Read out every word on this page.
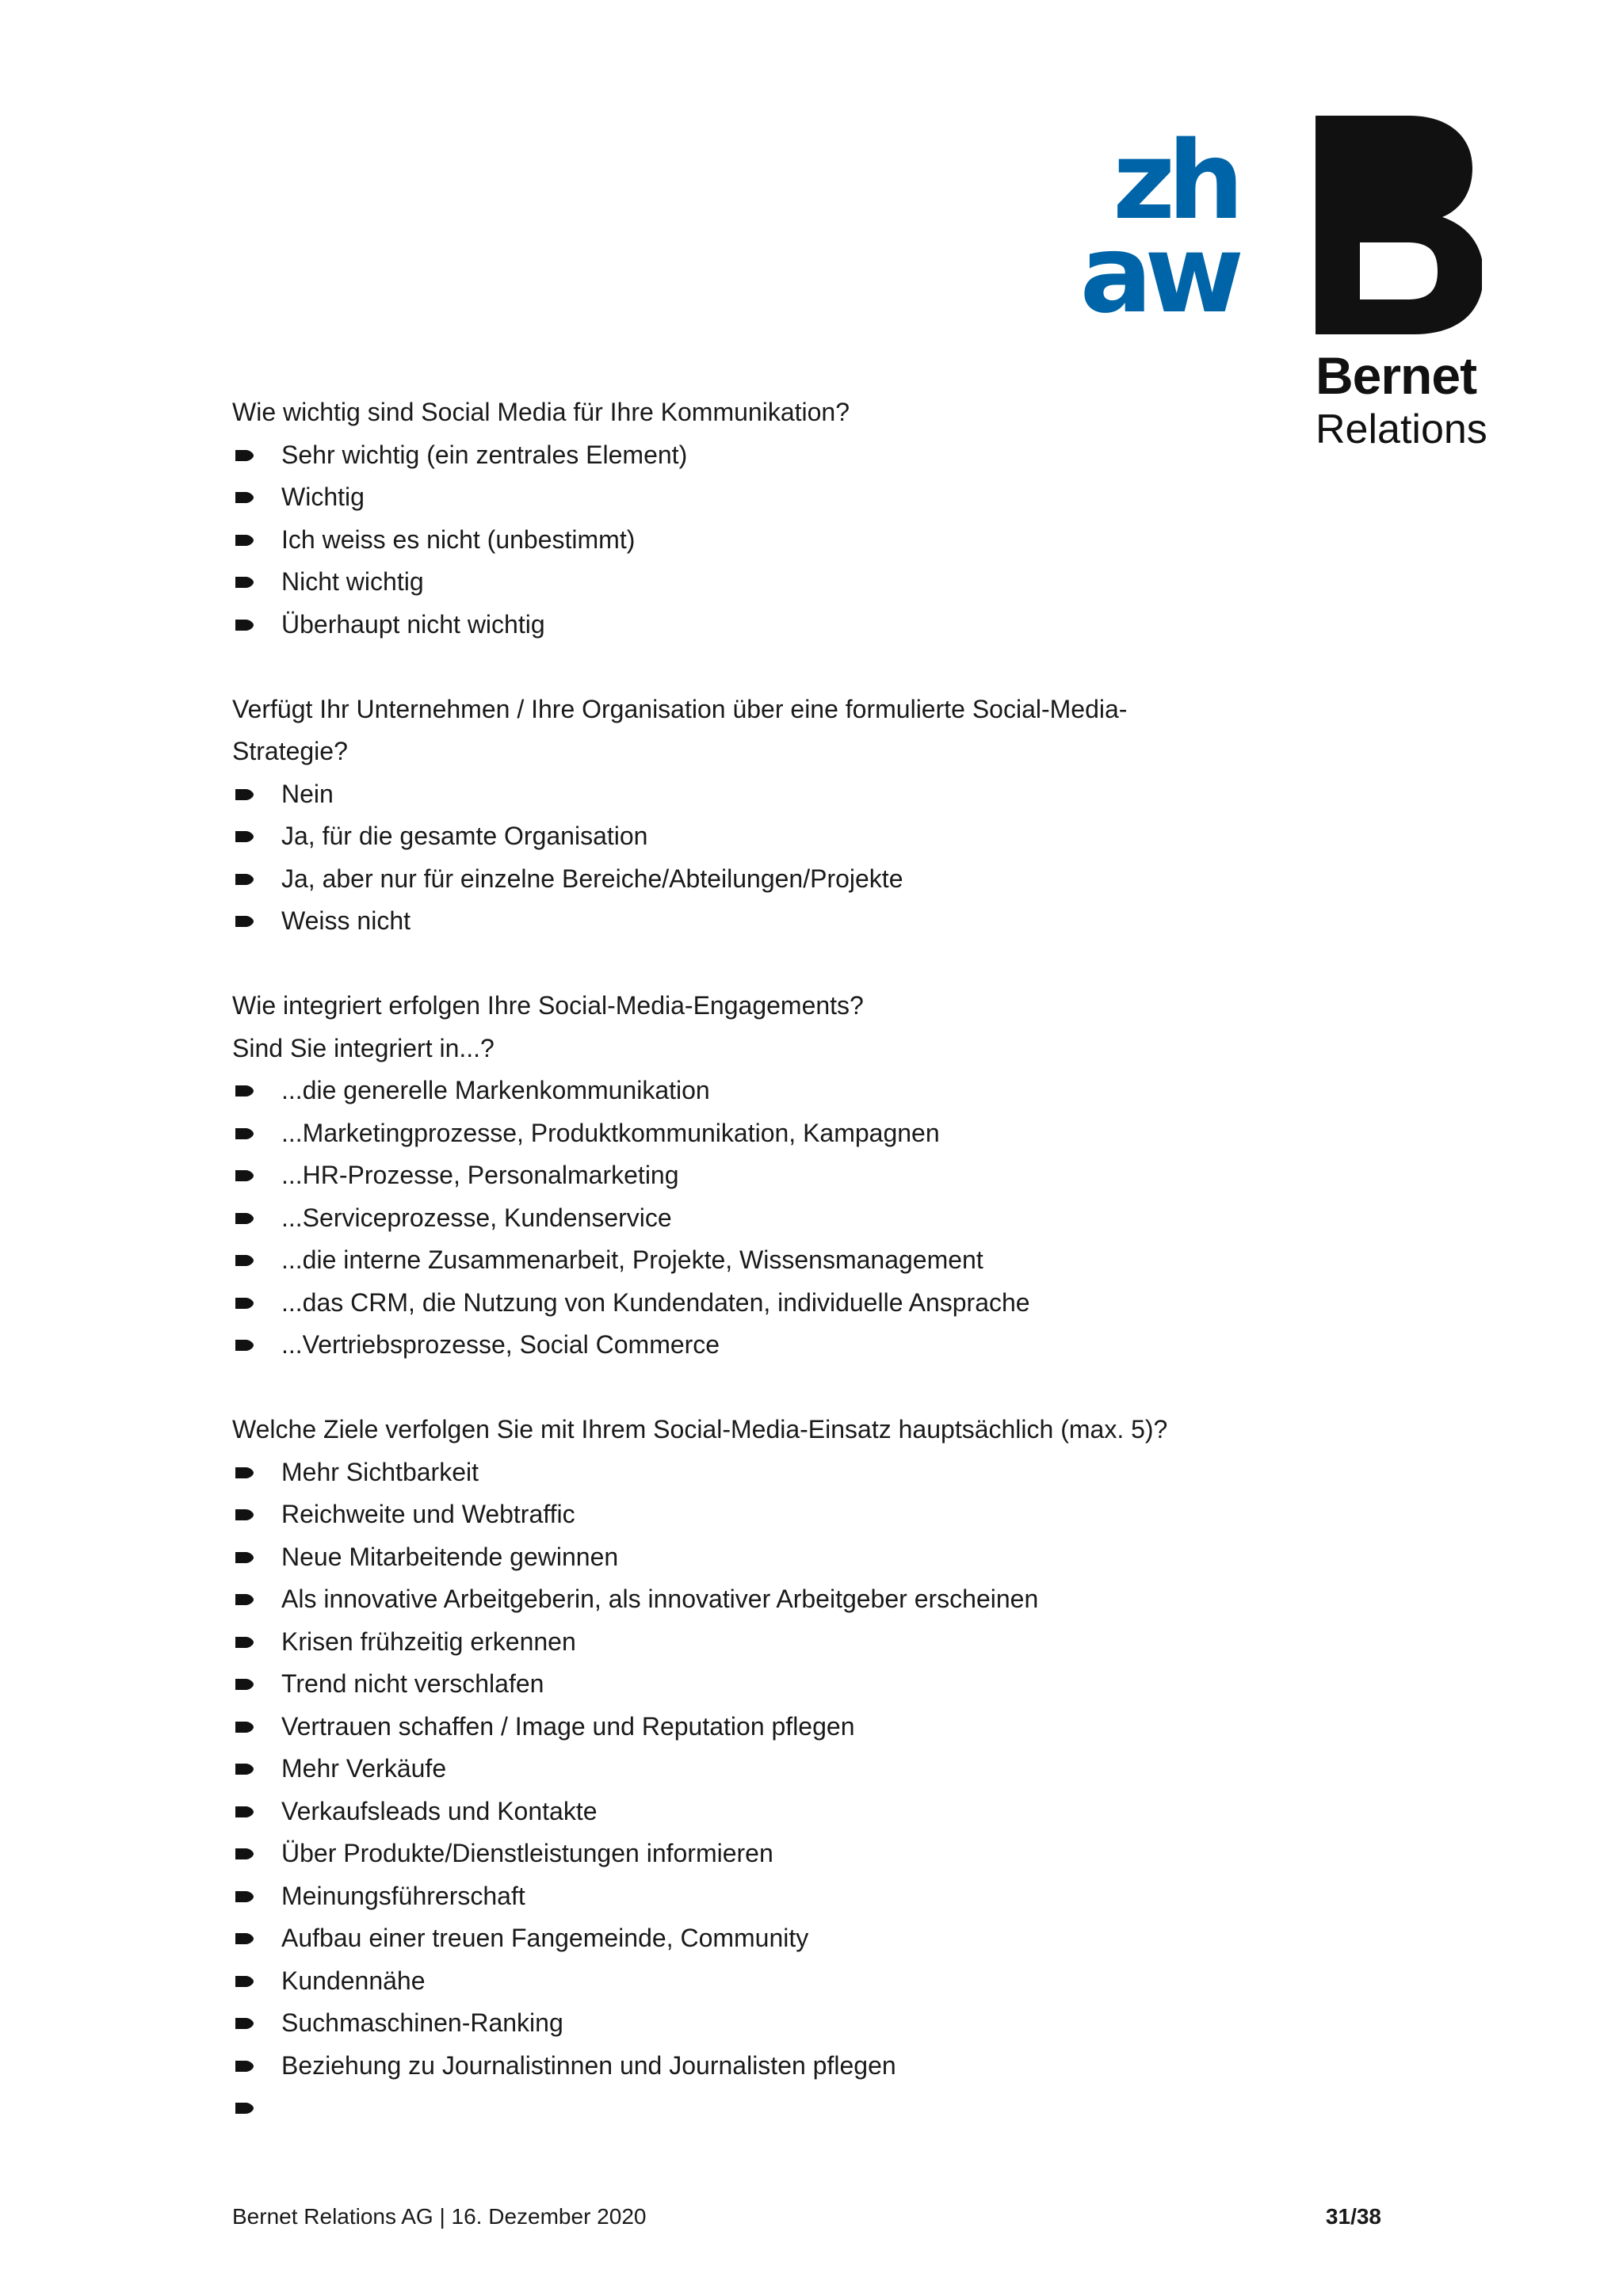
zh
aw
Bernet
Relations

Wie wichtig sind Social Media für Ihre Kommunikation?

Sehr wichtig (ein zentrales Element)
Wichtig
Ich weiss es nicht (unbestimmt)
Nicht wichtig
Überhaupt nicht wichtig

Verfügt Ihr Unternehmen / Ihre Organisation über eine formulierte Social-Media-

Strategie?

Nein
Ja, für die gesamte Organisation
Ja, aber nur für einzelne Bereiche/Abteilungen/Projekte
Weiss nicht

Wie integriert erfolgen Ihre Social-Media-Engagements?

Sind Sie integriert in...?

...die generelle Markenkommunikation
...Marketingprozesse, Produktkommunikation, Kampagnen
...HR-Prozesse, Personalmarketing
...Serviceprozesse, Kundenservice
...die interne Zusammenarbeit, Projekte, Wissensmanagement
...das CRM, die Nutzung von Kundendaten, individuelle Ansprache
...Vertriebsprozesse, Social Commerce

Welche Ziele verfolgen Sie mit Ihrem Social-Media-Einsatz hauptsächlich (max. 5)?

Mehr Sichtbarkeit
Reichweite und Webtraffic
Neue Mitarbeitende gewinnen
Als innovative Arbeitgeberin, als innovativer Arbeitgeber erscheinen
Krisen frühzeitig erkennen
Trend nicht verschlafen
Vertrauen schaffen / Image und Reputation pflegen
Mehr Verkäufe
Verkaufsleads und Kontakte
Über Produkte/Dienstleistungen informieren
Meinungsführerschaft
Aufbau einer treuen Fangemeinde, Community
Kundennähe
Suchmaschinen-Ranking
Beziehung zu Journalistinnen und Journalisten pflegen
Bernet Relations AG | 16. Dezember 2020	31/38
